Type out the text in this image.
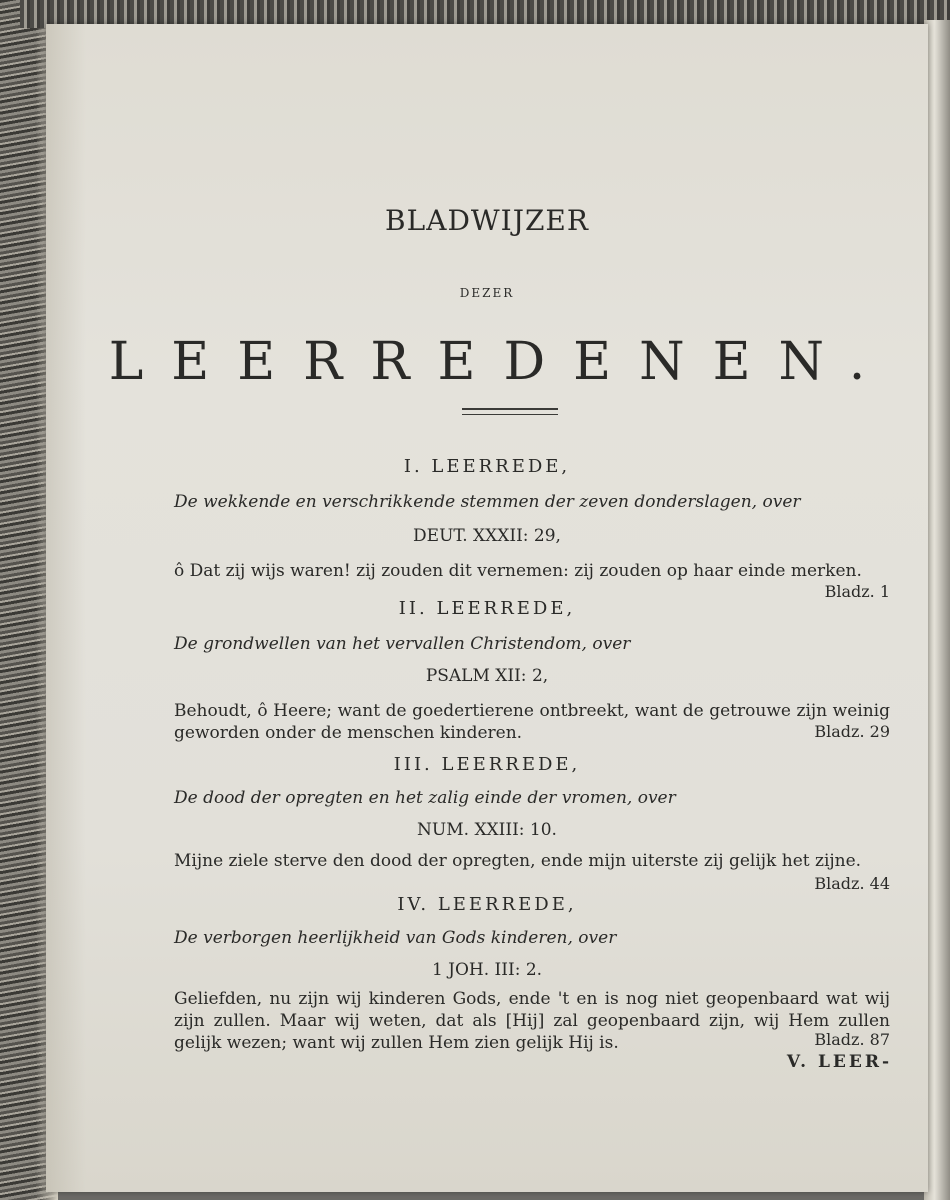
BLADWIJZER
DEZER
LEERREDENEN.
I. LEERREDE,
De wekkende en verschrikkende stemmen der zeven donderslagen, over
DEUT. XXXII: 29,
ô Dat zij wijs waren! zij zouden dit vernemen: zij zouden op haar einde merken.
Bladz. 1
II. LEERREDE,
De grondwellen van het vervallen Christendom, over
PSALM XII: 2,
Behoudt, ô Heere; want de goedertierene ontbreekt, want de getrouwe zijn weinig geworden onder de menschen kinderen.	Bladz. 29
III. LEERREDE,
De dood der opregten en het zalig einde der vromen, over
NUM. XXIII: 10.
Mijne ziele sterve den dood der opregten, ende mijn uiterste zij gelijk het zijne.
Bladz. 44
IV. LEERREDE,
De verborgen heerlijkheid van Gods kinderen, over
1 JOH. III: 2.
Geliefden, nu zijn wij kinderen Gods, ende 't en is nog niet geopenbaard wat wij zijn zullen. Maar wij weten, dat als [Hij] zal geopenbaard zijn, wij Hem zullen gelijk wezen; want wij zullen Hem zien gelijk Hij is.	Bladz. 87
V. LEER-
